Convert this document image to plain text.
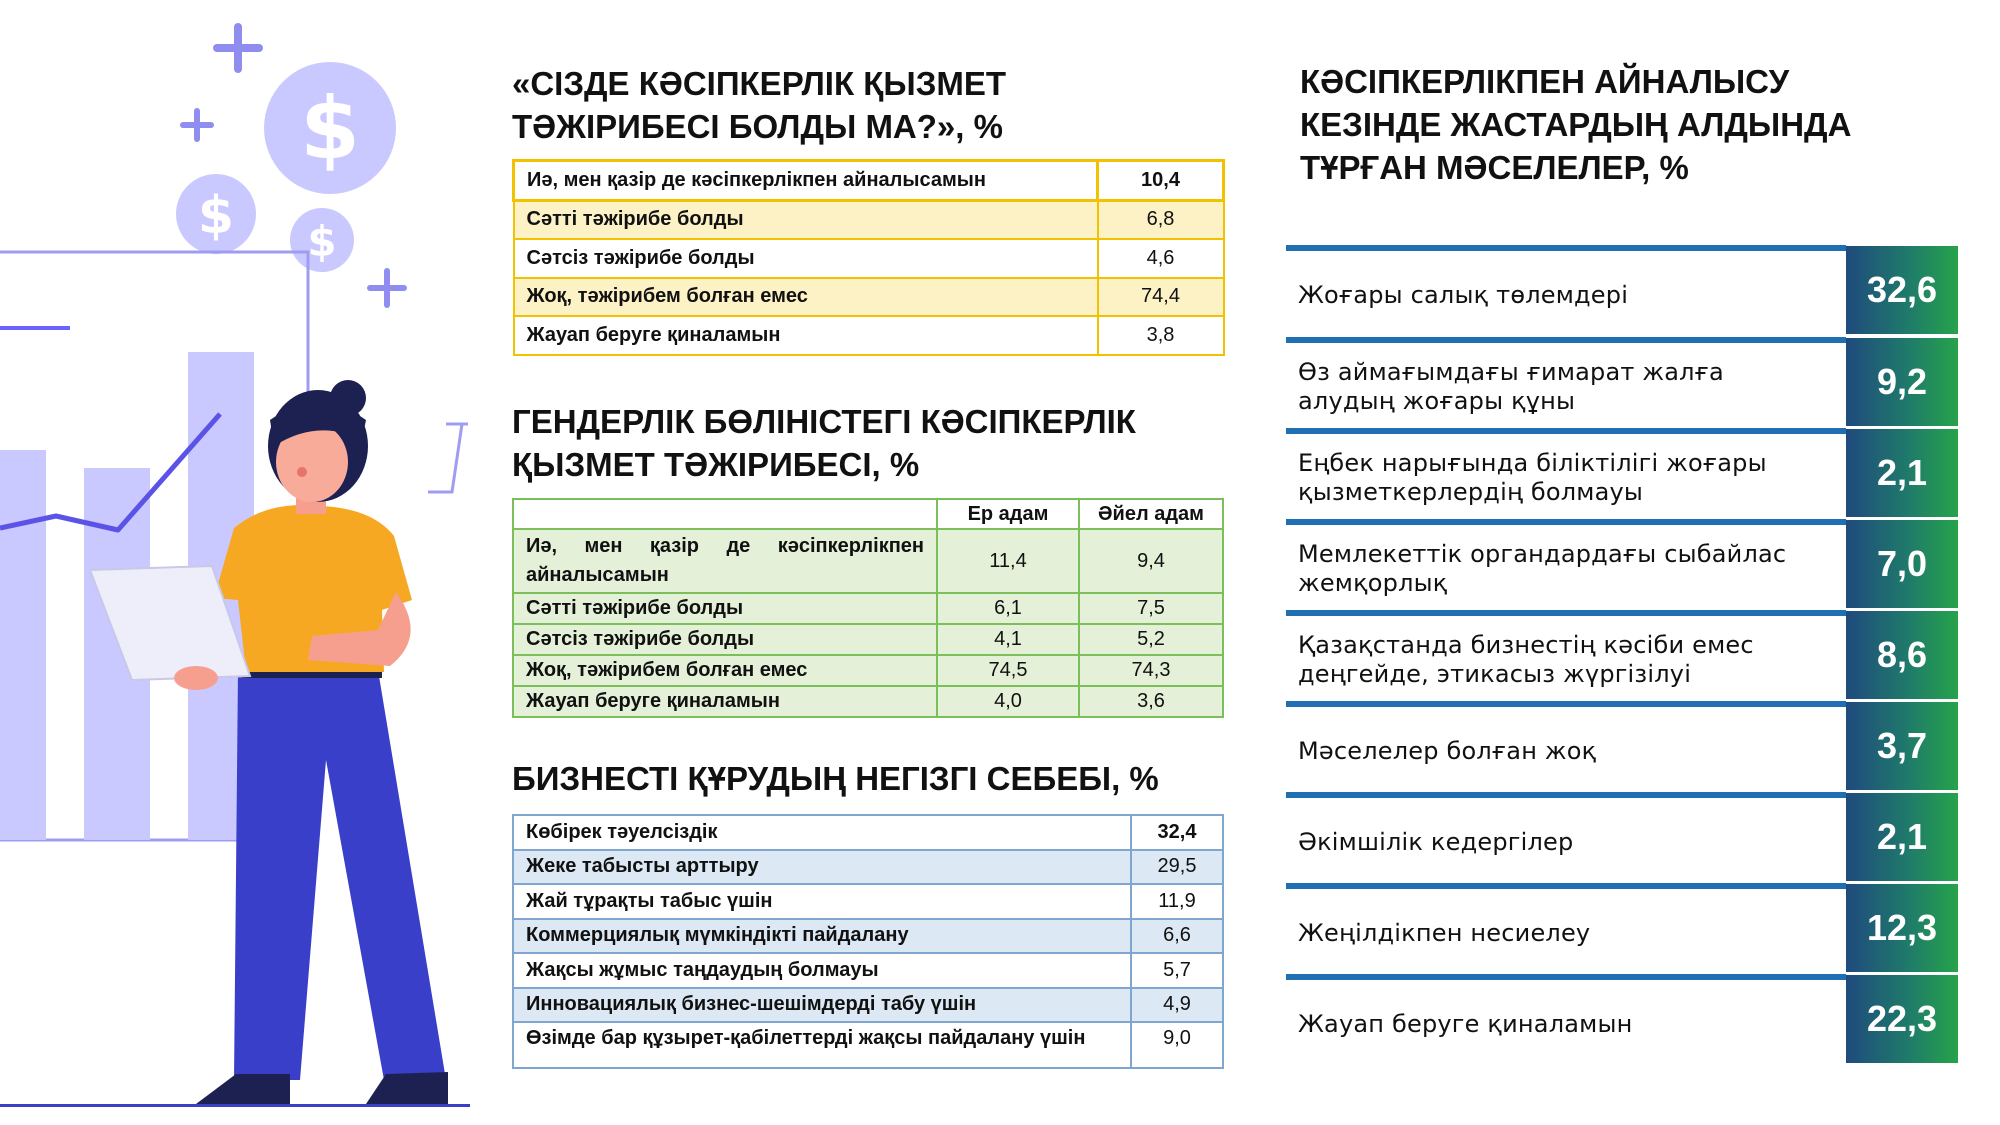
$
$ $
«СІЗДЕ КӘСІПКЕРЛІК ҚЫЗМЕТ
ТӘЖІРИБЕСІ БОЛДЫ МА?», %
Иә, мен қазір де кәсіпкерлікпен айналысамын	10,4
Сәтті тәжірибе болды	6,8
Сәтсіз тәжірибе болды	4,6
Жоқ, тәжірибем болған емес	74,4
Жауап беруге қиналамын	3,8
ГЕНДЕРЛІК БӨЛІНІСТЕГІ КӘСІПКЕРЛІК
ҚЫЗМЕТ ТӘЖІРИБЕСІ, %
	Ер адам	Әйел адам
Иә, мен қазір де кәсіпкерлікпен айналысамын	11,4	9,4
Сәтті тәжірибе болды	6,1	7,5
Сәтсіз тәжірибе болды	4,1	5,2
Жоқ, тәжірибем болған емес	74,5	74,3
Жауап беруге қиналамын	4,0	3,6
БИЗНЕСТІ ҚҰРУДЫҢ НЕГІЗГІ СЕБЕБІ, %
Көбірек тәуелсіздік	32,4
Жеке табысты арттыру	29,5
Жай тұрақты табыс үшін	11,9
Коммерциялық мүмкіндікті пайдалану	6,6
Жақсы жұмыс таңдаудың болмауы	5,7
Инновациялық бизнес-шешімдерді табу үшін	4,9
Өзімде бар құзырет-қабілеттерді жақсы пайдалану үшін	9,0
КӘСІПКЕРЛІКПЕН АЙНАЛЫСУ
КЕЗІНДЕ ЖАСТАРДЫҢ АЛДЫНДА
ТҰРҒАН МӘСЕЛЕЛЕР, %
Жоғары салық төлемдері	32,6
Өз аймағымдағы ғимарат жалға алудың жоғары құны	9,2
Еңбек нарығында біліктілігі жоғары қызметкерлердің болмауы	2,1
Мемлекеттік органдардағы сыбайлас жемқорлық	7,0
Қазақстанда бизнестің кәсіби емес деңгейде, этикасыз жүргізілуі	8,6
Мәселелер болған жоқ	3,7
Әкімшілік кедергілер	2,1
Жеңілдікпен несиелеу	12,3
Жауап беруге қиналамын	22,3
